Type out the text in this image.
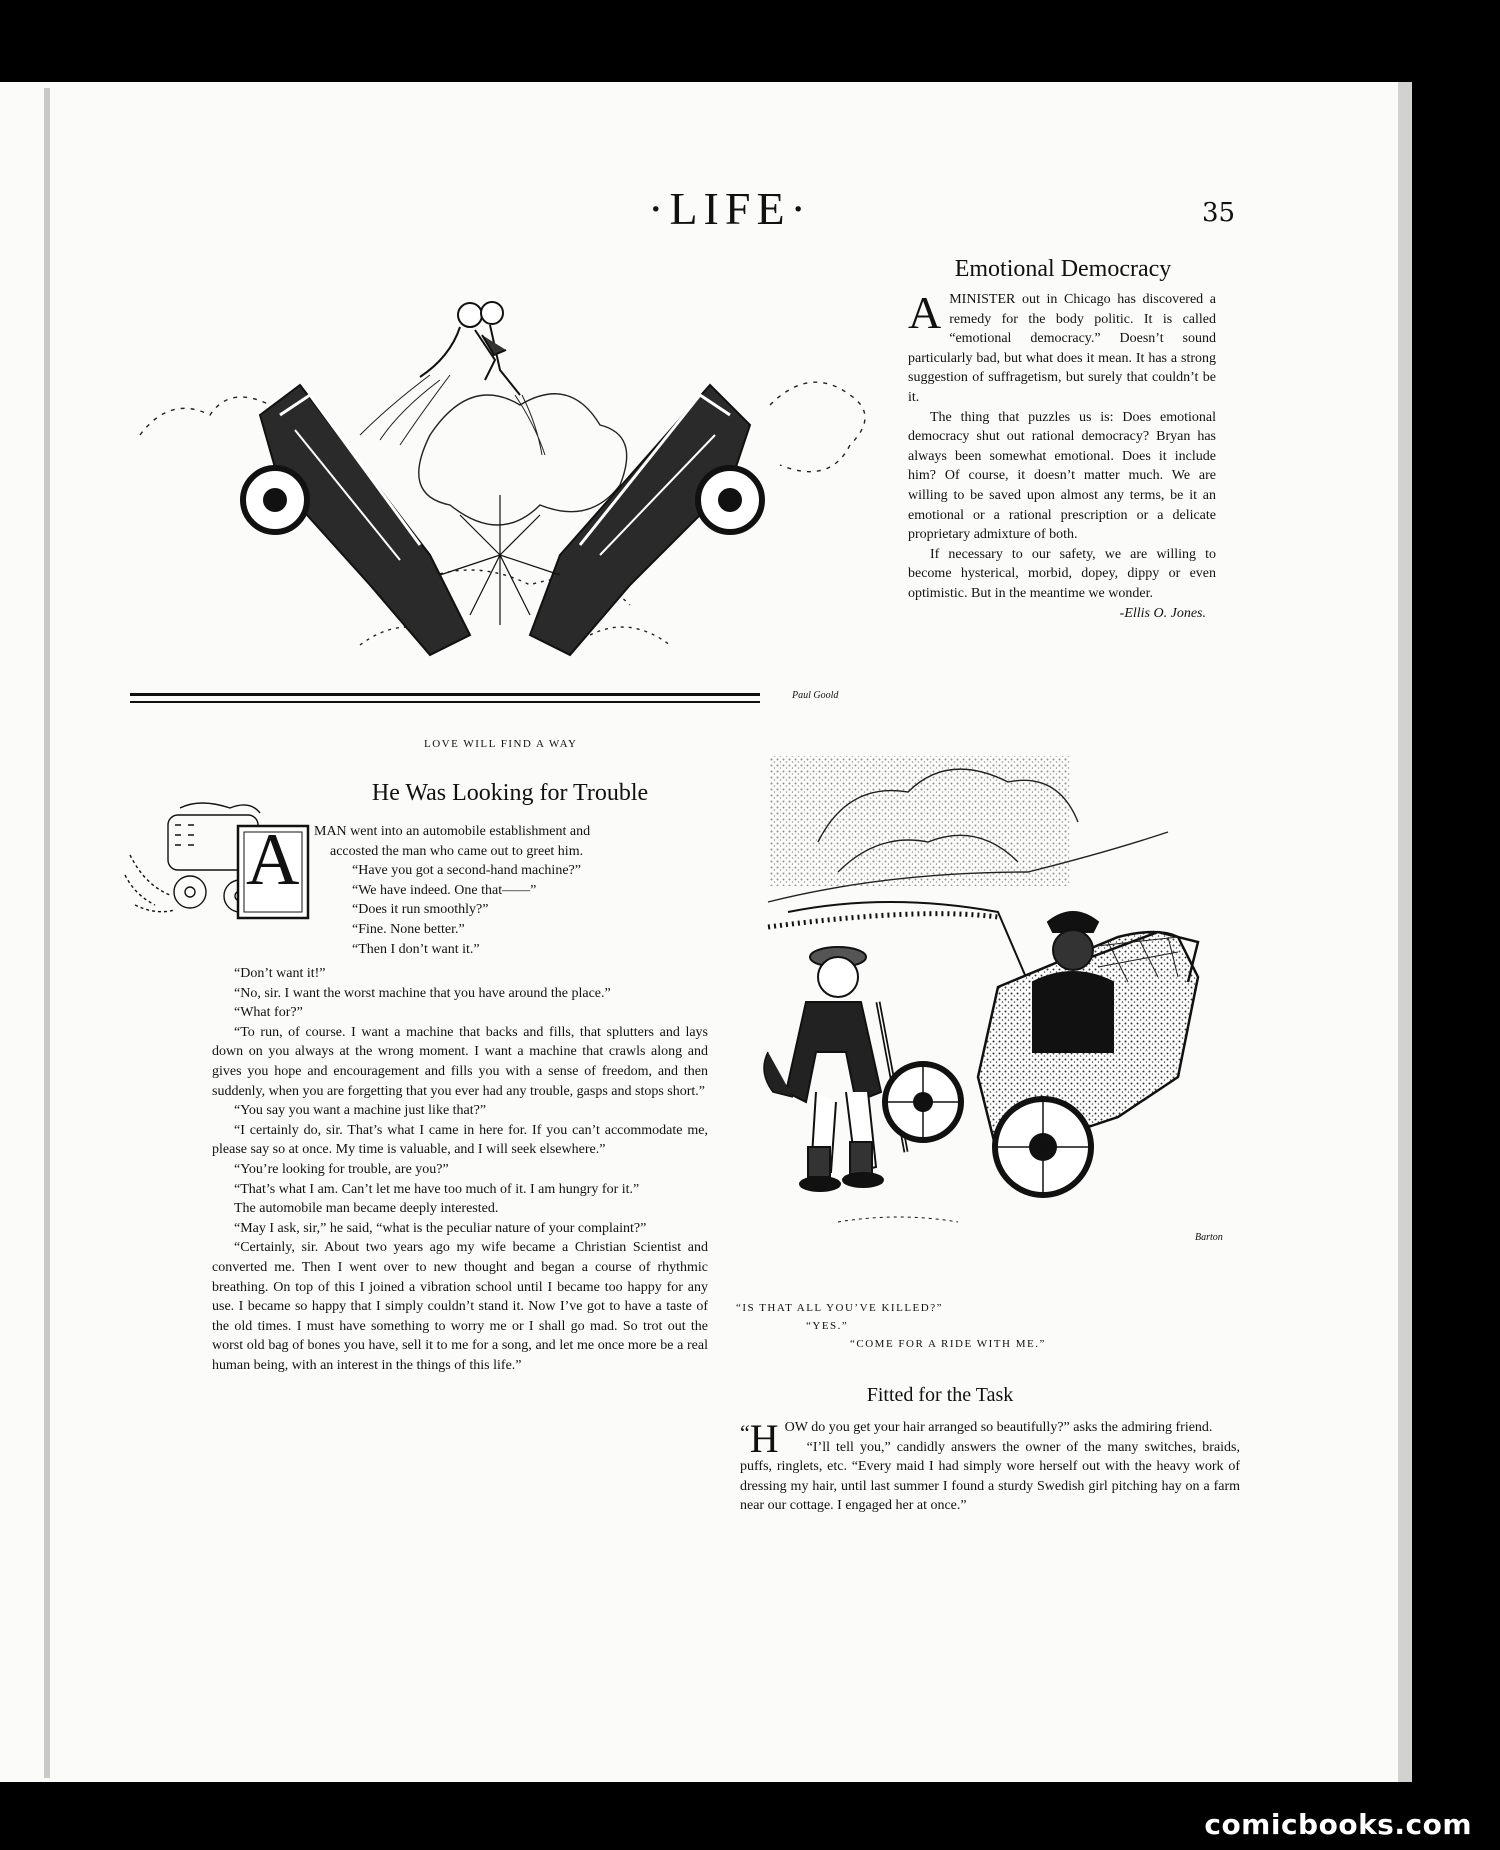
·LIFE·	35
Paul Goold
LOVE WILL FIND A WAY
Emotional Democracy

AMINISTER out in Chicago has discovered a remedy for the body politic. It is called “emotional democracy.” Doesn’t sound particularly bad, but what does it mean. It has a strong suggestion of suffragetism, but surely that couldn’t be it.

The thing that puzzles us is: Does emotional democracy shut out rational democracy? Bryan has always been somewhat emotional. Does it include him? Of course, it doesn’t matter much. We are willing to be saved upon almost any terms, be it an emotional or a rational prescription or a delicate proprietary admixture of both.

If necessary to our safety, we are willing to become hysterical, morbid, dopey, dippy or even optimistic. But in the meantime we wonder.

-Ellis O. Jones.
He Was Looking for Trouble
A MAN went into an automobile establishment and
accosted the man who came out to greet him.
“Have you got a second-hand machine?”
“We have indeed. One that——”
“Does it run smoothly?”
“Fine. None better.”
“Then I don’t want it.”

“Don’t want it!”

“No, sir. I want the worst machine that you have around the place.”

“What for?”

“To run, of course. I want a machine that backs and fills, that splutters and lays down on you always at the wrong moment. I want a machine that crawls along and gives you hope and encouragement and fills you with a sense of freedom, and then suddenly, when you are forgetting that you ever had any trouble, gasps and stops short.”

“You say you want a machine just like that?”

“I certainly do, sir. That’s what I came in here for. If you can’t accommodate me, please say so at once. My time is valuable, and I will seek elsewhere.”

“You’re looking for trouble, are you?”

“That’s what I am. Can’t let me have too much of it. I am hungry for it.”

The automobile man became deeply interested.

“May I ask, sir,” he said, “what is the peculiar nature of your complaint?”

“Certainly, sir. About two years ago my wife became a Christian Scientist and converted me. Then I went over to new thought and began a course of rhythmic breathing. On top of this I joined a vibration school until I became too happy for any use. I became so happy that I simply couldn’t stand it. Now I’ve got to have a taste of the old times. I must have something to worry me or I shall go mad. So trot out the worst old bag of bones you have, sell it to me for a song, and let me once more be a real human being, with an interest in the things of this life.”

Barton
“IS THAT ALL YOU’VE KILLED?”
“YES.”
“COME FOR A RIDE WITH ME.”
Fitted for the Task

“ H OW do you get your hair arranged so beautifully?” asks the admiring friend.

“I’ll tell you,” candidly answers the owner of the many switches, braids, puffs, ringlets, etc. “Every maid I had simply wore herself out with the heavy work of dressing my hair, until last summer I found a sturdy Swedish girl pitching hay on a farm near our cottage. I engaged her at once.”

comicbooks.com
